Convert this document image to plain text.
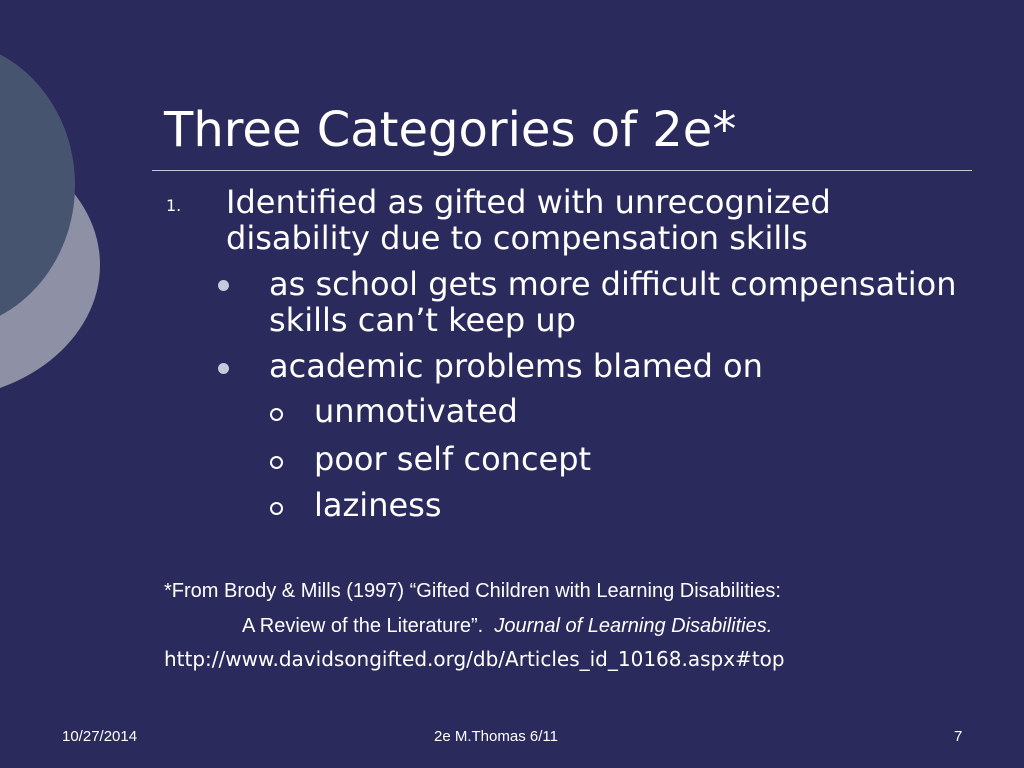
Three Categories of 2e*
1. Identified as gifted with unrecognized
disability due to compensation skills
as school gets more difficult compensation
skills can’t keep up
academic problems blamed on
unmotivated
poor self concept
laziness
*From Brody & Mills (1997) “Gifted Children with Learning Disabilities:
A Review of the Literature”. Journal of Learning Disabilities.
http://www.davidsongifted.org/db/Articles_id_10168.aspx#top
10/27/2014	2e M.Thomas 6/11	7
